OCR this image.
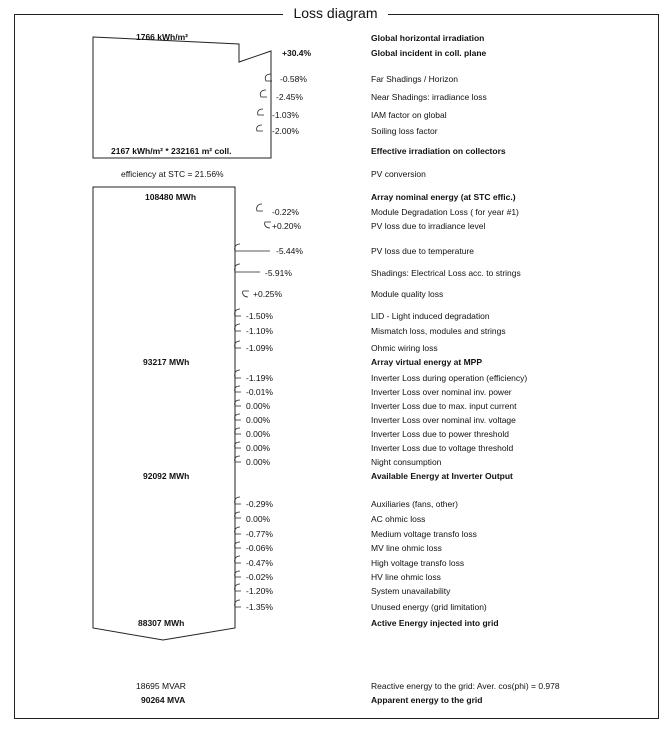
Loss diagram
1766 kWh/m²	Global horizontal irradiation
+30.4%	Global incident in coll. plane
-0.58%	Far Shadings / Horizon
-2.45%	Near Shadings: irradiance loss
-1.03%	IAM factor on global
-2.00%	Soiling loss factor
2167 kWh/m² * 232161 m² coll.	Effective irradiation on collectors
efficiency at STC = 21.56%	PV conversion
108480 MWh	Array nominal energy (at STC effic.)
-0.22%	Module Degradation Loss ( for year #1)
+0.20%	PV loss due to irradiance level
-5.44%	PV loss due to temperature
-5.91%	Shadings: Electrical Loss acc. to strings
+0.25%	Module quality loss
-1.50%	LID - Light induced degradation
-1.10%	Mismatch loss, modules and strings
-1.09%	Ohmic wiring loss
93217 MWh	Array virtual energy at MPP
-1.19%	Inverter Loss during operation (efficiency)
-0.01%	Inverter Loss over nominal inv. power
0.00%	Inverter Loss due to max. input current
0.00%	Inverter Loss over nominal inv. voltage
0.00%	Inverter Loss due to power threshold
0.00%	Inverter Loss due to voltage threshold
0.00%	Night consumption
92092 MWh	Available Energy at Inverter Output
-0.29%	Auxiliaries (fans, other)
0.00%	AC ohmic loss
-0.77%	Medium voltage transfo loss
-0.06%	MV line ohmic loss
-0.47%	High voltage transfo loss
-0.02%	HV line ohmic loss
-1.20%	System unavailability
-1.35%	Unused energy (grid limitation)
88307 MWh	Active Energy injected into grid
18695 MVAR	Reactive energy to the grid: Aver. cos(phi) = 0.978
90264 MVA	Apparent energy to the grid
